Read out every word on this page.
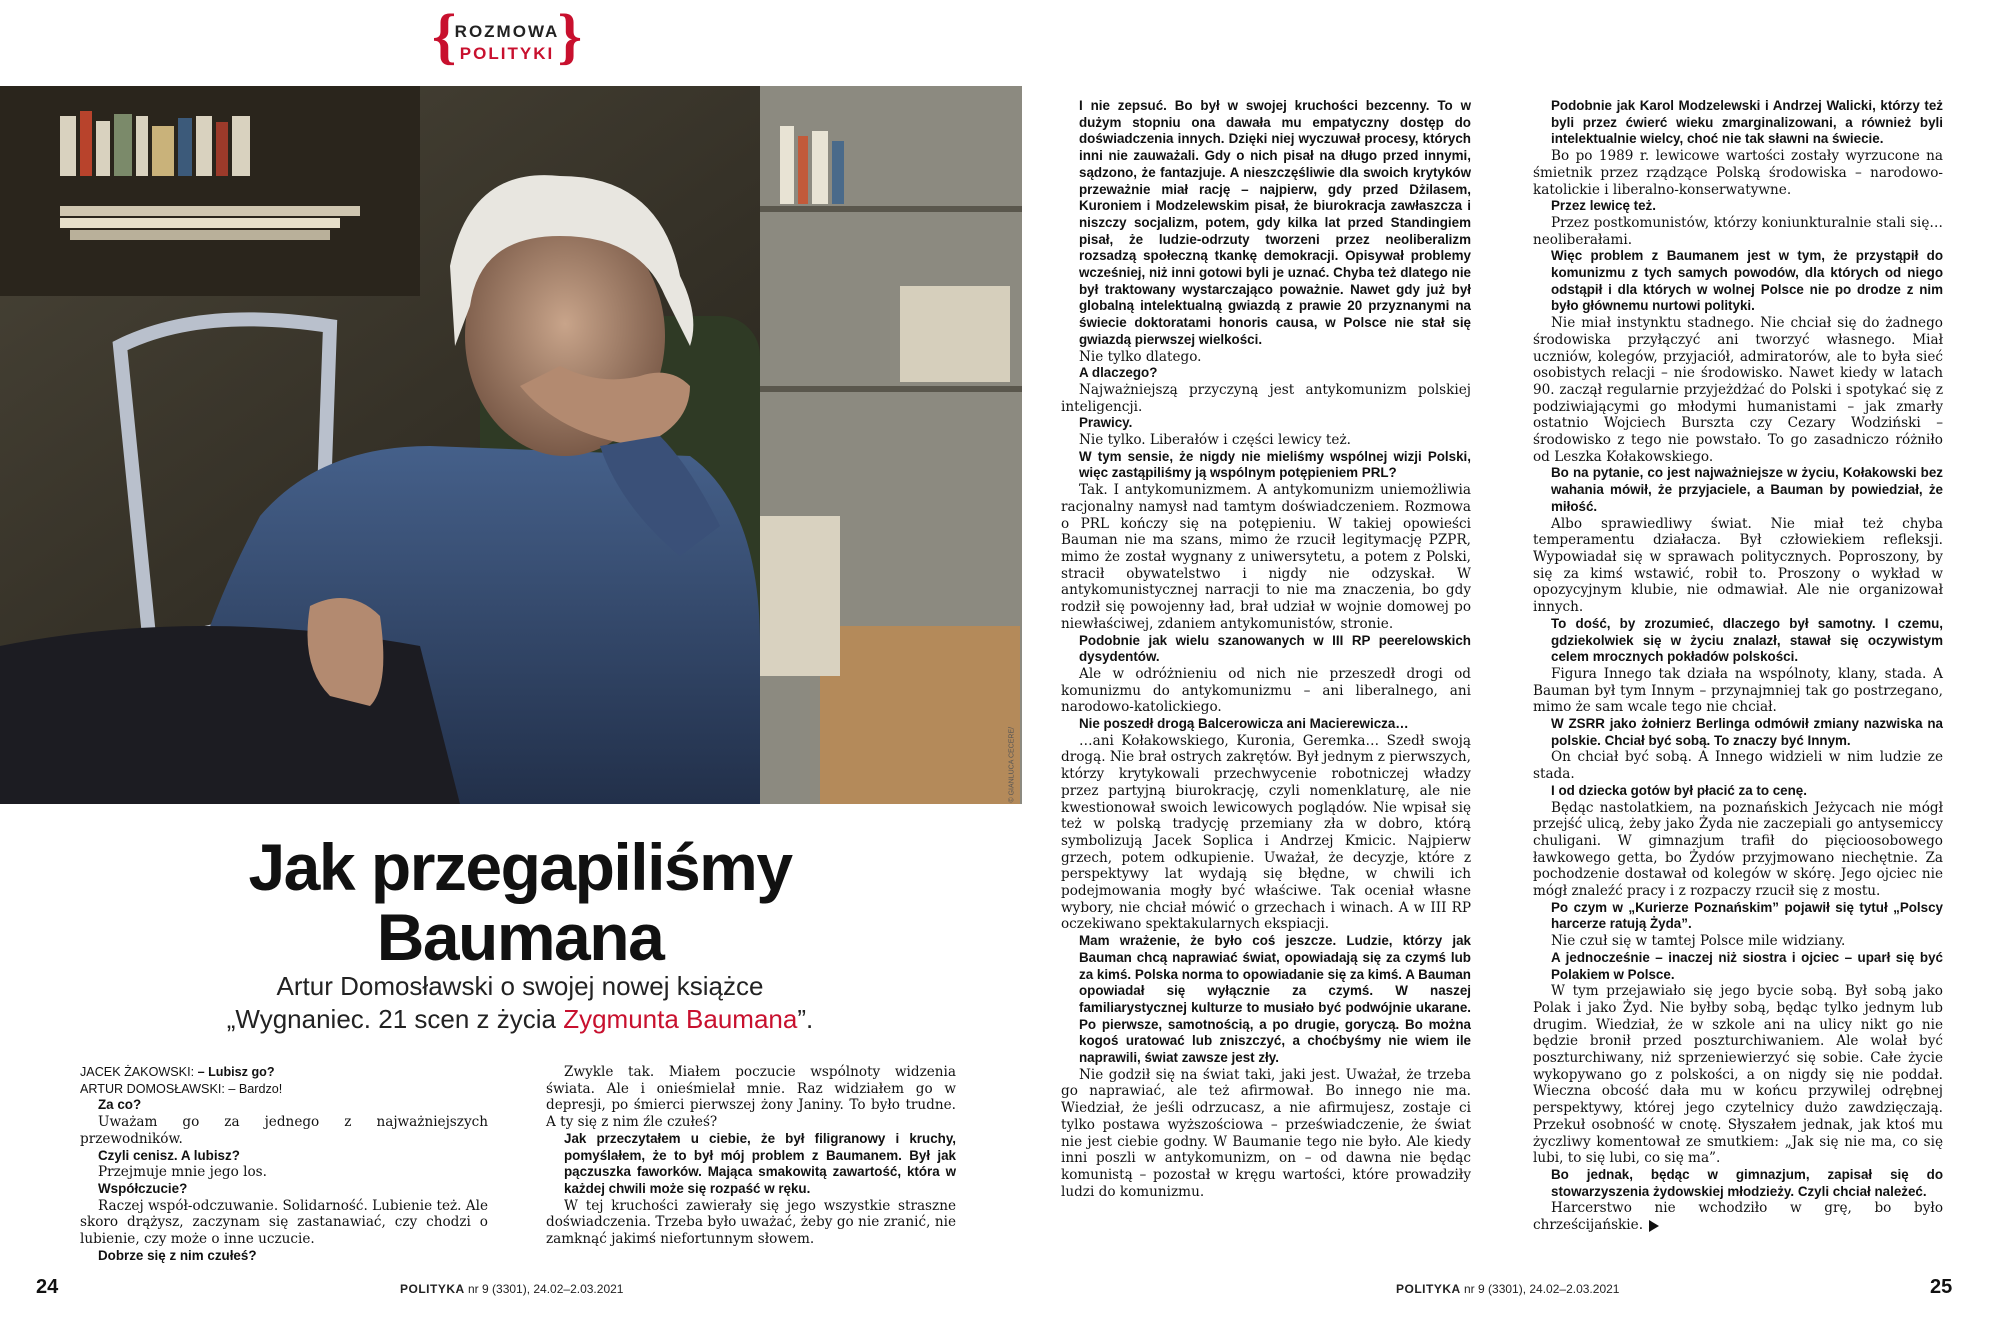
{ }
ROZMOWA
POLITYKI
© GIANLUCA CECERE/
Jak przegapiliśmy
Baumana
Artur Domosławski o swojej nowej książce
„Wygnaniec. 21 scen z życia Zygmunta Baumana”.

JACEK ŻAKOWSKI: – Lubisz go?

ARTUR DOMOSŁAWSKI: – Bardzo!

Za co?

Uważam go za jednego z najważniejszych przewodników.

Czyli cenisz. A lubisz?

Przejmuje mnie jego los.

Współczucie?

Raczej współ-odczuwanie. Solidarność. Lubienie też. Ale skoro drążysz, zaczynam się zastanawiać, czy chodzi o lubienie, czy może o inne uczucie.

Dobrze się z nim czułeś?

Zwykle tak. Miałem poczucie wspólnoty widzenia świata. Ale i onieśmielał mnie. Raz widziałem go w depresji, po śmierci pierwszej żony Janiny. To było trudne. A ty się z nim źle czułeś?

Jak przeczytałem u ciebie, że był filigranowy i kruchy, pomyślałem, że to był mój problem z Baumanem. Był jak pączuszka faworków. Mająca smakowitą zawartość, która w każdej chwili może się rozpaść w ręku.

W tej kruchości zawierały się jego wszystkie straszne doświadczenia. Trzeba było uważać, żeby go nie zranić, nie zamknąć jakimś niefortunnym słowem.

I nie zepsuć. Bo był w swojej kruchości bezcenny. To w dużym stopniu ona dawała mu empatyczny dostęp do doświadczenia innych. Dzięki niej wyczuwał procesy, których inni nie zauważali. Gdy o nich pisał na długo przed innymi, sądzono, że fantazjuje. A nieszczęśliwie dla swoich krytyków przeważnie miał rację – najpierw, gdy przed Dżilasem, Kuroniem i Modzelewskim pisał, że biurokracja zawłaszcza i niszczy socjalizm, potem, gdy kilka lat przed Standingiem pisał, że ludzie-odrzuty tworzeni przez neoliberalizm rozsadzą społeczną tkankę demokracji. Opisywał problemy wcześniej, niż inni gotowi byli je uznać. Chyba też dlatego nie był traktowany wystarczająco poważnie. Nawet gdy już był globalną intelektualną gwiazdą z prawie 20 przyznanymi na świecie doktoratami honoris causa, w Polsce nie stał się gwiazdą pierwszej wielkości.

Nie tylko dlatego.

A dlaczego?

Najważniejszą przyczyną jest antykomunizm polskiej inteligencji.

Prawicy.

Nie tylko. Liberałów i części lewicy też.

W tym sensie, że nigdy nie mieliśmy wspólnej wizji Polski, więc zastąpiliśmy ją wspólnym potępieniem PRL?

Tak. I antykomunizmem. A antykomunizm uniemożliwia racjonalny namysł nad tamtym doświadczeniem. Rozmowa o PRL kończy się na potępieniu. W takiej opowieści Bauman nie ma szans, mimo że rzucił legitymację PZPR, mimo że został wygnany z uniwersytetu, a potem z Polski, stracił obywatelstwo i nigdy nie odzyskał. W antykomunistycznej narracji to nie ma znaczenia, bo gdy rodził się powojenny ład, brał udział w wojnie domowej po niewłaściwej, zdaniem antykomunistów, stronie.

Podobnie jak wielu szanowanych w III RP peerelowskich dysydentów.

Ale w odróżnieniu od nich nie przeszedł drogi od komunizmu do antykomunizmu – ani liberalnego, ani narodowo-katolickiego.

Nie poszedł drogą Balcerowicza ani Macierewicza…

…ani Kołakowskiego, Kuronia, Geremka… Szedł swoją drogą. Nie brał ostrych zakrętów. Był jednym z pierwszych, którzy krytykowali przechwycenie robotniczej władzy przez partyjną biurokrację, czyli nomenklaturę, ale nie kwestionował swoich lewicowych poglądów. Nie wpisał się też w polską tradycję przemiany zła w dobro, którą symbolizują Jacek Soplica i Andrzej Kmicic. Najpierw grzech, potem odkupienie. Uważał, że decyzje, które z perspektywy lat wydają się błędne, w chwili ich podejmowania mogły być właściwe. Tak oceniał własne wybory, nie chciał mówić o grzechach i winach. A w III RP oczekiwano spektakularnych ekspiacji.

Mam wrażenie, że było coś jeszcze. Ludzie, którzy jak Bauman chcą naprawiać świat, opowiadają się za czymś lub za kimś. Polska norma to opowiadanie się za kimś. A Bauman opowiadał się wyłącznie za czymś. W naszej familiarystycznej kulturze to musiało być podwójnie ukarane. Po pierwsze, samotnością, a po drugie, goryczą. Bo można kogoś uratować lub zniszczyć, a choćbyśmy nie wiem ile naprawili, świat zawsze jest zły.

Nie godził się na świat taki, jaki jest. Uważał, że trzeba go naprawiać, ale też afirmował. Bo innego nie ma. Wiedział, że jeśli odrzucasz, a nie afirmujesz, zostaje ci tylko postawa wyższościowa – przeświadczenie, że świat nie jest ciebie godny. W Baumanie tego nie było. Ale kiedy inni poszli w antykomunizm, on – od dawna nie będąc komunistą – pozostał w kręgu wartości, które prowadziły ludzi do komunizmu.

Podobnie jak Karol Modzelewski i Andrzej Walicki, którzy też byli przez ćwierć wieku zmarginalizowani, a również byli intelektualnie wielcy, choć nie tak sławni na świecie.

Bo po 1989 r. lewicowe wartości zostały wyrzucone na śmietnik przez rządzące Polską środowiska – narodowo-katolickie i liberalno-konserwatywne.

Przez lewicę też.

Przez postkomunistów, którzy koniunkturalnie stali się… neoliberałami.

Więc problem z Baumanem jest w tym, że przystąpił do komunizmu z tych samych powodów, dla których od niego odstąpił i dla których w wolnej Polsce nie po drodze z nim było głównemu nurtowi polityki.

Nie miał instynktu stadnego. Nie chciał się do żadnego środowiska przyłączyć ani tworzyć własnego. Miał uczniów, kolegów, przyjaciół, admiratorów, ale to była sieć osobistych relacji – nie środowisko. Nawet kiedy w latach 90. zaczął regularnie przyjeżdżać do Polski i spotykać się z podziwiającymi go młodymi humanistami – jak zmarły ostatnio Wojciech Burszta czy Cezary Wodziński – środowisko z tego nie powstało. To go zasadniczo różniło od Leszka Kołakowskiego.

Bo na pytanie, co jest najważniejsze w życiu, Kołakowski bez wahania mówił, że przyjaciele, a Bauman by powiedział, że miłość.

Albo sprawiedliwy świat. Nie miał też chyba temperamentu działacza. Był człowiekiem refleksji. Wypowiadał się w sprawach politycznych. Poproszony, by się za kimś wstawić, robił to. Proszony o wykład w opozycyjnym klubie, nie odmawiał. Ale nie organizował innych.

To dość, by zrozumieć, dlaczego był samotny. I czemu, gdziekolwiek się w życiu znalazł, stawał się oczywistym celem mrocznych pokładów polskości.

Figura Innego tak działa na wspólnoty, klany, stada. A Bauman był tym Innym – przynajmniej tak go postrzegano, mimo że sam wcale tego nie chciał.

W ZSRR jako żołnierz Berlinga odmówił zmiany nazwiska na polskie. Chciał być sobą. To znaczy być Innym.

On chciał być sobą. A Innego widzieli w nim ludzie ze stada.

I od dziecka gotów był płacić za to cenę.

Będąc nastolatkiem, na poznańskich Jeżycach nie mógł przejść ulicą, żeby jako Żyda nie zaczepiali go antysemiccy chuligani. W gimnazjum trafił do pięcioosobowego ławkowego getta, bo Żydów przyjmowano niechętnie. Za pochodzenie dostawał od kolegów w skórę. Jego ojciec nie mógł znaleźć pracy i z rozpaczy rzucił się z mostu.

Po czym w „Kurierze Poznańskim” pojawił się tytuł „Polscy harcerze ratują Żyda”.

Nie czuł się w tamtej Polsce mile widziany.

A jednocześnie – inaczej niż siostra i ojciec – uparł się być Polakiem w Polsce.

W tym przejawiało się jego bycie sobą. Był sobą jako Polak i jako Żyd. Nie byłby sobą, będąc tylko jednym lub drugim. Wiedział, że w szkole ani na ulicy nikt go nie będzie bronił przed poszturchiwaniem. Ale wolał być poszturchiwany, niż sprzeniewierzyć się sobie. Całe życie wykopywano go z polskości, a on nigdy się nie poddał. Wieczna obcość dała mu w końcu przywilej odrębnej perspektywy, której jego czytelnicy dużo zawdzięczają. Przekuł osobność w cnotę. Słyszałem jednak, jak ktoś mu życzliwy komentował ze smutkiem: „Jak się nie ma, co się lubi, to się lubi, co się ma”.

Bo jednak, będąc w gimnazjum, zapisał się do stowarzyszenia żydowskiej młodzieży. Czyli chciał należeć.

Harcerstwo nie wchodziło w grę, bo było chrześcijańskie.

24	POLITYKA nr 9 (3301), 24.02–2.03.2021	POLITYKA nr 9 (3301), 24.02–2.03.2021	25
